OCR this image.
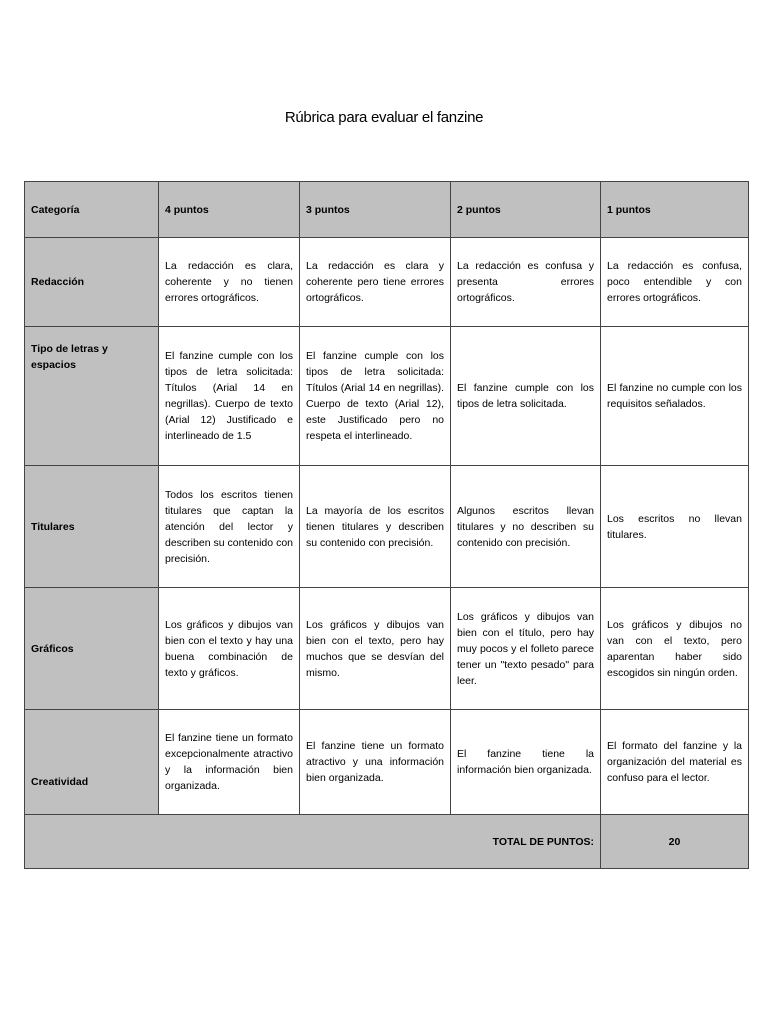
Rúbrica para evaluar el fanzine
Categoría	4 puntos	3 puntos	2 puntos	1 puntos
Redacción	La redacción es clara, coherente y no tienen errores ortográficos.	La redacción es clara y coherente pero tiene errores ortográficos.	La redacción es confusa y presenta errores ortográficos.	La redacción es confusa, poco entendible y con errores ortográficos.
Tipo de letras y espacios	El fanzine cumple con los tipos de letra solicitada: Títulos (Arial 14 en negrillas). Cuerpo de texto (Arial 12) Justificado e interlineado de 1.5	El fanzine cumple con los tipos de letra solicitada: Títulos (Arial 14 en negrillas). Cuerpo de texto (Arial 12), este Justificado pero no respeta el interlineado.	El fanzine cumple con los tipos de letra solicitada.	El fanzine no cumple con los requisitos señalados.
Titulares	Todos los escritos tienen titulares que captan la atención del lector y describen su contenido con precisión.	La mayoría de los escritos tienen titulares y describen su contenido con precisión.	Algunos escritos llevan titulares y no describen su contenido con precisión.	Los escritos no llevan titulares.
Gráficos	Los gráficos y dibujos van bien con el texto y hay una buena combinación de texto y gráficos.	Los gráficos y dibujos van bien con el texto, pero hay muchos que se desvían del mismo.	Los gráficos y dibujos van bien con el título, pero hay muy pocos y el folleto parece tener un "texto pesado" para leer.	Los gráficos y dibujos no van con el texto, pero aparentan haber sido escogidos sin ningún orden.
Creatividad	El fanzine tiene un formato excepcionalmente atractivo y la información bien organizada.	El fanzine tiene un formato atractivo y una información bien organizada.	El fanzine tiene la información bien organizada.	El formato del fanzine y la organización del material es confuso para el lector.
TOTAL DE PUNTOS:				20
